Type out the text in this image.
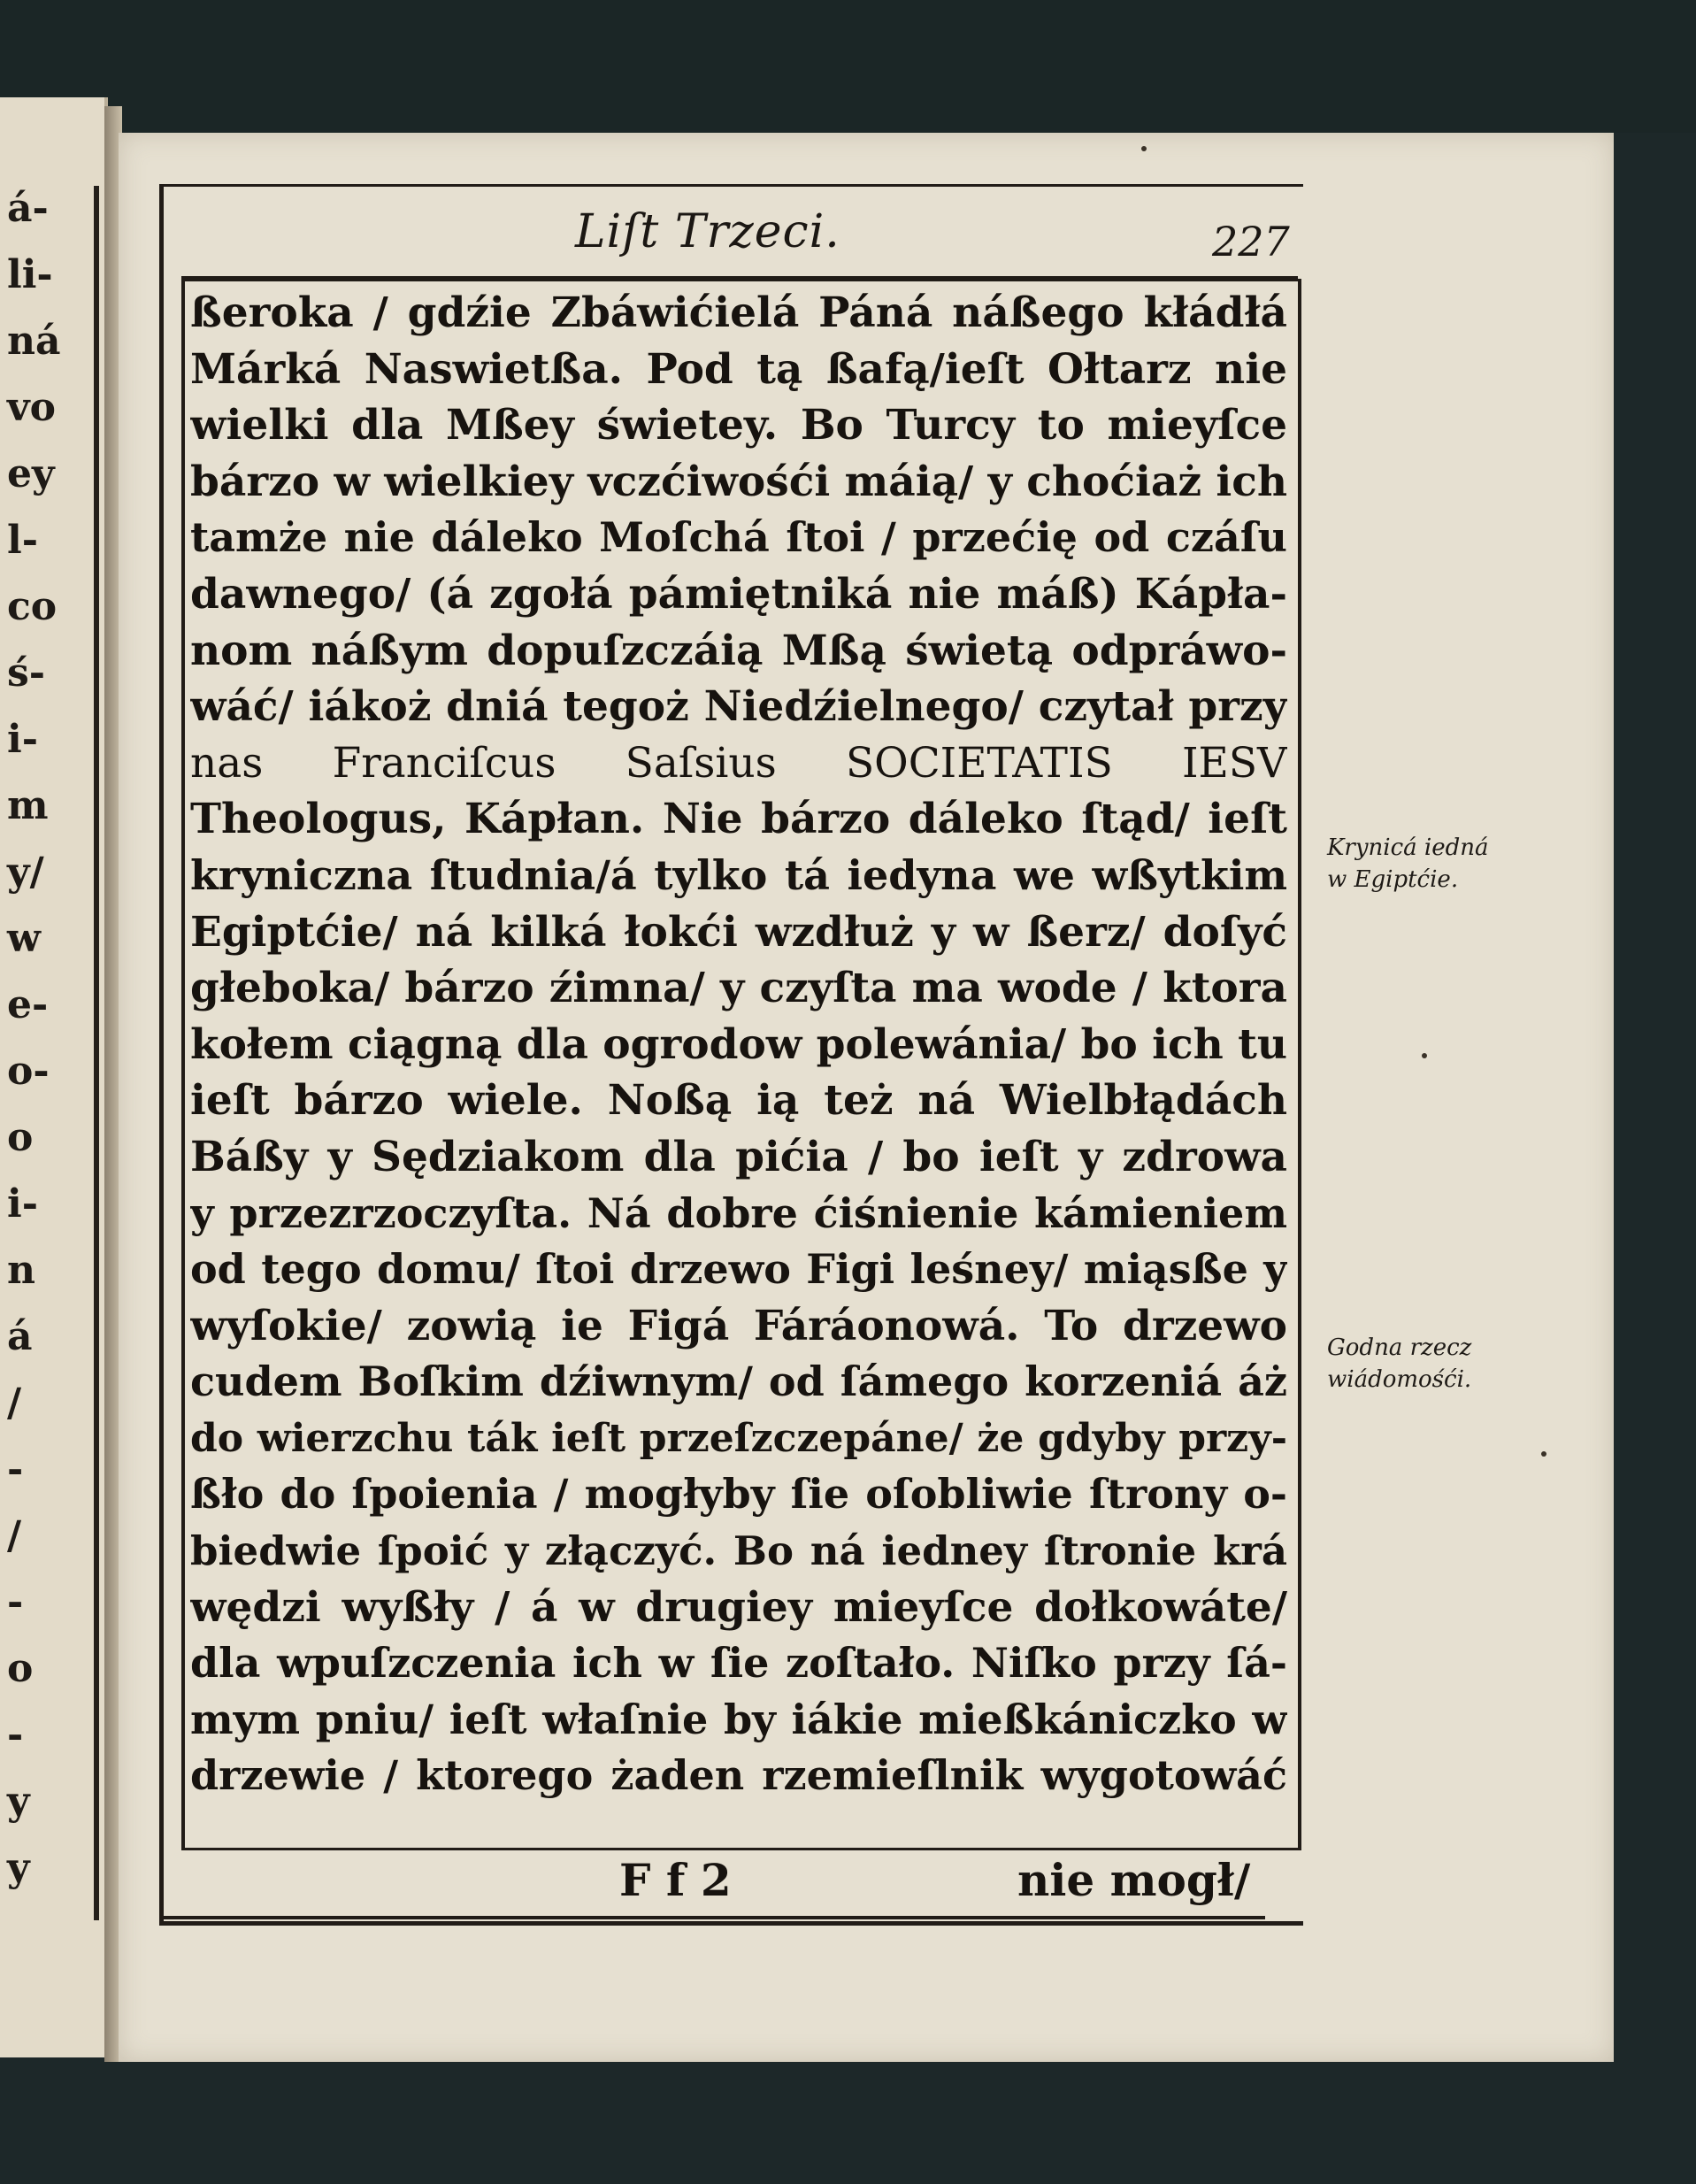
á-
li-
ná
vo
ey
l-
co
ś-
i-
m
y/
w
e-
o-
o
i-
n
á
/
-
/
-
o
-
y
y
Liſt Trzeci.	227
ßeroka / gdźie Zbáwićielá Páná náßego kłádłá
Márká Naswietßa. Pod tą ßafą/ieſt Ołtarz nie
wielki dla Mßey świetey. Bo Turcy to mieyſce
bárzo w wielkiey vczćiwośći máią/ y choćiaż ich
tamże nie dáleko Moſchá ſtoi / przećię od czáſu
dawnego/ (á zgołá pámiętniká nie máß) Kápła-
nom náßym dopuſzczáią Mßą świetą odpráwo-
wáć/ iákoż dniá tegoż Niedźielnego/ czytał przy
nas Franciſcus Saſsius SOCIETATIS IESV
Theologus, Kápłan. Nie bárzo dáleko ſtąd/ ieſt
kryniczna ſtudnia/á tylko tá iedyna we wßytkim
Egiptćie/ ná kilká łokći wzdłuż y w ßerz/ doſyć
głeboka/ bárzo źimna/ y czyſta ma wode / ktora
kołem ciągną dla ogrodow polewánia/ bo ich tu
ieſt bárzo wiele. Noßą ią też ná Wielbłądách
Báßy y Sędziakom dla pićia / bo ieſt y zdrowa
y przezrzoczyſta. Ná dobre ćiśnienie kámieniem
od tego domu/ ſtoi drzewo Figi leśney/ miąsße y
wyſokie/ zowią ie Figá Fáráonowá. To drzewo
cudem Boſkim dźiwnym/ od ſámego korzeniá áż
do wierzchu ták ieſt przeſzczepáne/ że gdyby przy-
ßło do ſpoienia / mogłyby ſie oſobliwie ſtrony o-
biedwie ſpoić y złączyć. Bo ná iedney ſtronie krá
wędzi wyßły / á w drugiey mieyſce dołkowáte/
dla wpuſzczenia ich w ſie zoſtało. Niſko przy ſá-
mym pniu/ ieſt właſnie by iákie mießkániczko w
drzewie / ktorego żaden rzemieſlnik wygotowáć
F f 2	nie mogł/
Krynicá iedná
w Egiptćie.
Godna rzecz
wiádomośći.
